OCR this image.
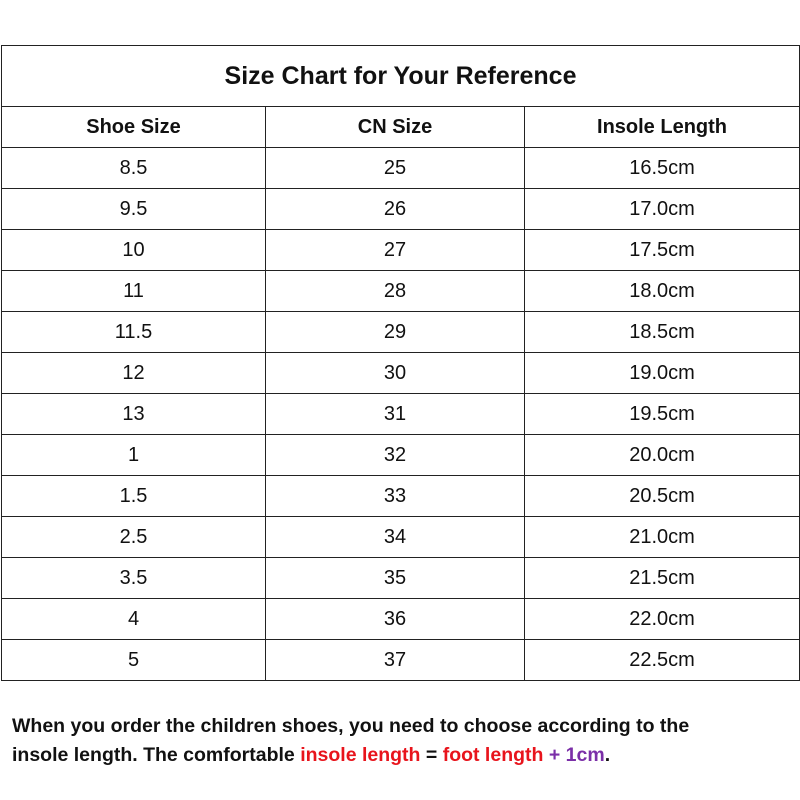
Size Chart for Your Reference		
Shoe Size	CN Size	Insole Length
8.5	25	16.5cm
9.5	26	17.0cm
10	27	17.5cm
11	28	18.0cm
11.5	29	18.5cm
12	30	19.0cm
13	31	19.5cm
1	32	20.0cm
1.5	33	20.5cm
2.5	34	21.0cm
3.5	35	21.5cm
4	36	22.0cm
5	37	22.5cm
When you order the children shoes, you need to choose according to the
insole length. The comfortable insole length = foot length + 1cm.
